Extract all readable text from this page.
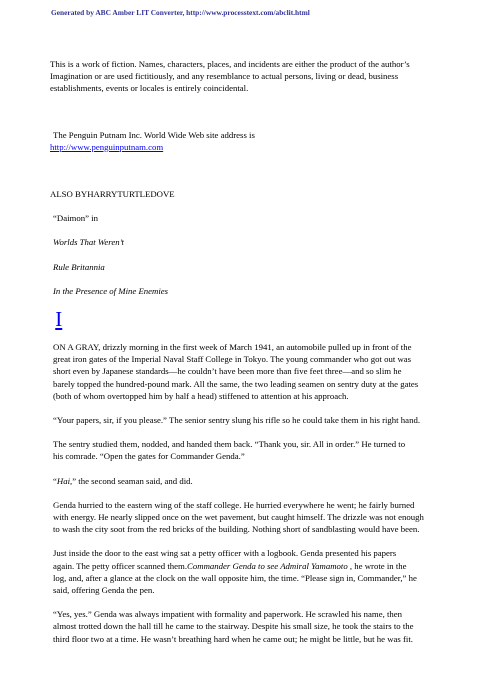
Generated by ABC Amber LIT Converter, http://www.processtext.com/abclit.html

This is a work of fiction. Names, characters, places, and incidents are either the product of the author’s
Imagination or are used fictitiously, and any resemblance to actual persons, living or dead, business
establishments, events or locales is entirely coincidental.

The Penguin Putnam Inc. World Wide Web site address is

http://www.penguinputnam.com

ALSO BYHARRYTURTLEDOVE

“Daimon” in

Worlds That Weren’t

Rule Britannia

In the Presence of Mine Enemies

I

ON A GRAY, drizzly morning in the first week of March 1941, an automobile pulled up in front of the
great iron gates of the Imperial Naval Staff College in Tokyo. The young commander who got out was
short even by Japanese standards—he couldn’t have been more than five feet three—and so slim he
barely topped the hundred-pound mark. All the same, the two leading seamen on sentry duty at the gates
(both of whom overtopped him by half a head) stiffened to attention at his approach.

“Your papers, sir, if you please.” The senior sentry slung his rifle so he could take them in his right hand.

The sentry studied them, nodded, and handed them back. “Thank you, sir. All in order.” He turned to
his comrade. “Open the gates for Commander Genda.”

“Hai,” the second seaman said, and did.

Genda hurried to the eastern wing of the staff college. He hurried everywhere he went; he fairly burned
with energy. He nearly slipped once on the wet pavement, but caught himself. The drizzle was not enough
to wash the city soot from the red bricks of the building. Nothing short of sandblasting would have been.

Just inside the door to the east wing sat a petty officer with a logbook. Genda presented his papers
again. The petty officer scanned them.Commander Genda to see Admiral Yamamoto , he wrote in the
log, and, after a glance at the clock on the wall opposite him, the time. “Please sign in, Commander,” he
said, offering Genda the pen.

“Yes, yes.” Genda was always impatient with formality and paperwork. He scrawled his name, then
almost trotted down the hall till he came to the stairway. Despite his small size, he took the stairs to the
third floor two at a time. He wasn’t breathing hard when he came out; he might be little, but he was fit.
